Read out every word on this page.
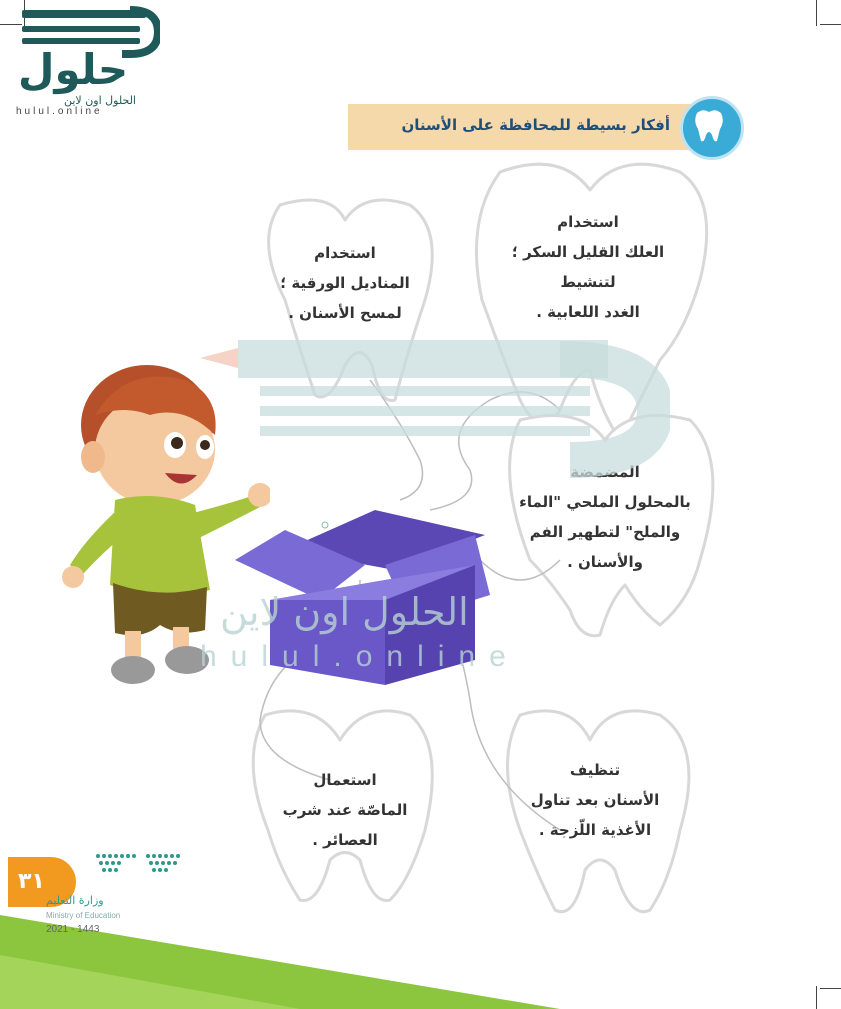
حلول
الحلول اون لاين
hulul.online
أفكار بسيطة للمحافظة على الأسنان
استخدام
العلك القليل السكر ؛
لتنشيط
الغدد اللعابية .
استخدام
المناديل الورقية ؛
لمسح الأسنان .
المضمضة
بالمحلول الملحي "الماء
والملح" لتطهير الفم
والأسنان .
تنظيف
الأسنان بعد تناول
الأغذية اللّزجة .
استعمال
الماصّة عند شرب
العصائر .
الحلول اون لاين
hulul.online
٣١
وزارة التعليم
Ministry of Education
2021 - 1443
